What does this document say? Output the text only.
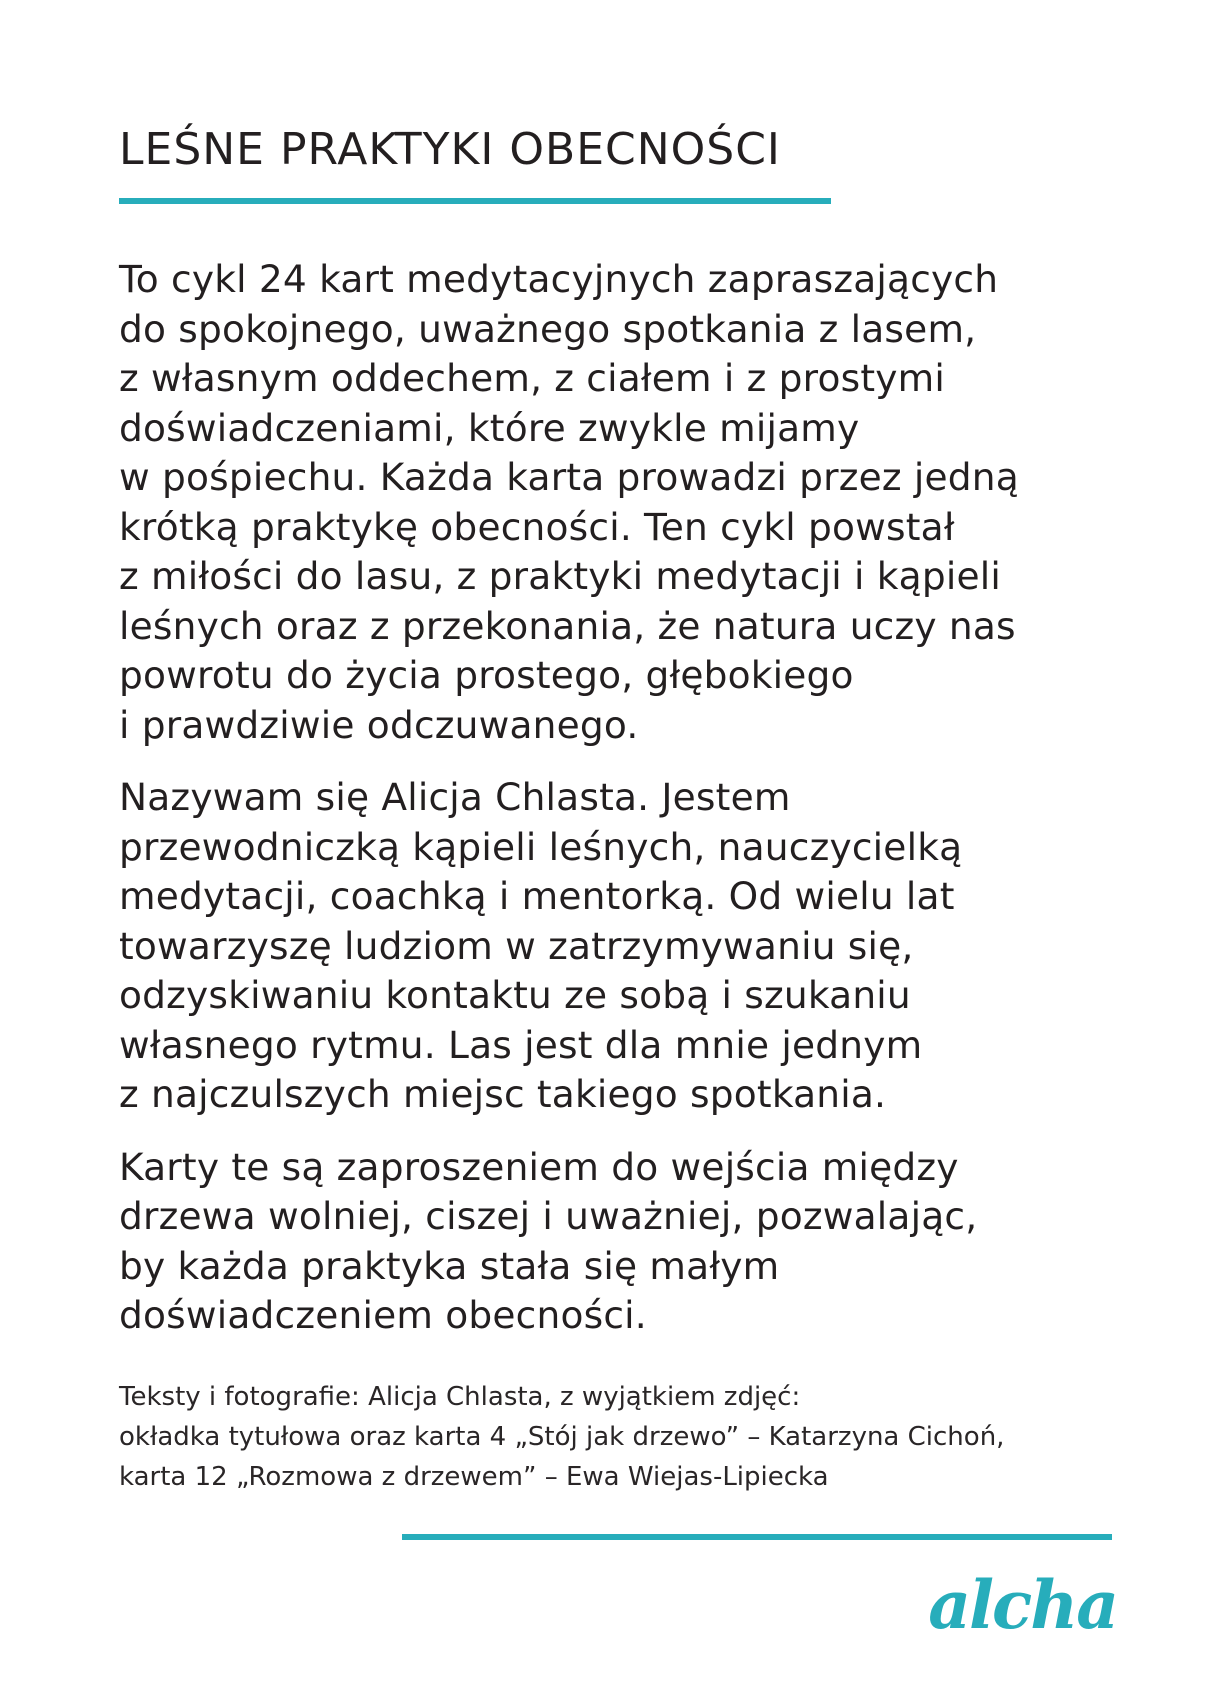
LEŚNE PRAKTYKI OBECNOŚCI

To cykl 24 kart medytacyjnych zapraszających
do spokojnego, uważnego spotkania z lasem,
z własnym oddechem, z ciałem i z prostymi
doświadczeniami, które zwykle mijamy
w pośpiechu. Każda karta prowadzi przez jedną
krótką praktykę obecności. Ten cykl powstał
z miłości do lasu, z praktyki medytacji i kąpieli
leśnych oraz z przekonania, że natura uczy nas
powrotu do życia prostego, głębokiego
i prawdziwie odczuwanego.

Nazywam się Alicja Chlasta. Jestem
przewodniczką kąpieli leśnych, nauczycielką
medytacji, coachką i mentorką. Od wielu lat
towarzyszę ludziom w zatrzymywaniu się,
odzyskiwaniu kontaktu ze sobą i szukaniu
własnego rytmu. Las jest dla mnie jednym
z najczulszych miejsc takiego spotkania.

Karty te są zaproszeniem do wejścia między
drzewa wolniej, ciszej i uważniej, pozwalając,
by każda praktyka stała się małym
doświadczeniem obecności.

Teksty i fotografie: Alicja Chlasta, z wyjątkiem zdjęć:
okładka tytułowa oraz karta 4 „Stój jak drzewo” – Katarzyna Cichoń,
karta 12 „Rozmowa z drzewem” – Ewa Wiejas-Lipiecka

alcha
